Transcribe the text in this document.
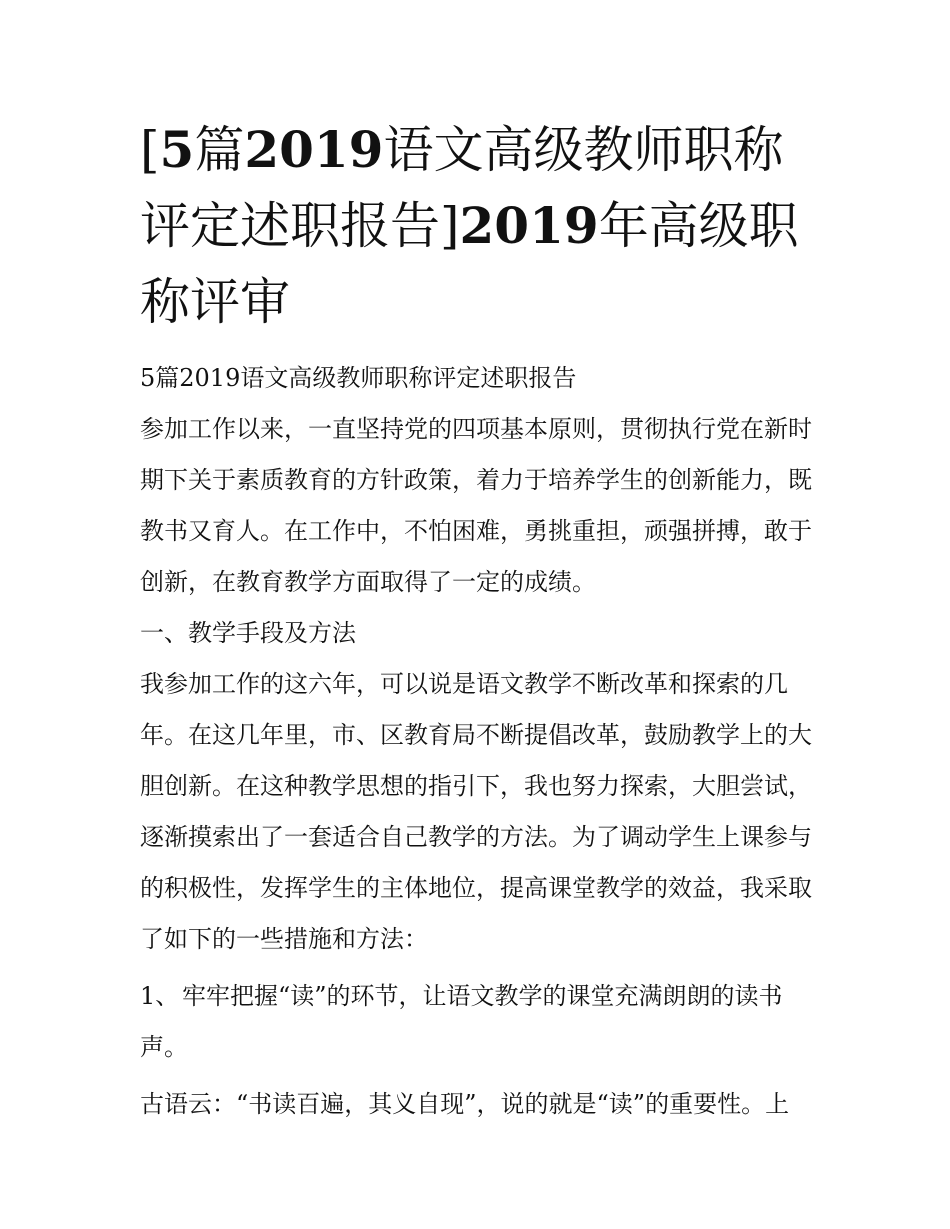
[5篇2019语文高级教师职称评定述职报告]2019年高级职称评审

5篇2019语文高级教师职称评定述职报告

参加工作以来，一直坚持党的四项基本原则，贯彻执行党在新时期下关于素质教育的方针政策，着力于培养学生的创新能力，既教书又育人。在工作中，不怕困难，勇挑重担，顽强拼搏，敢于创新，在教育教学方面取得了一定的成绩。

一、教学手段及方法

我参加工作的这六年，可以说是语文教学不断改革和探索的几年。在这几年里，市、区教育局不断提倡改革，鼓励教学上的大胆创新。在这种教学思想的指引下，我也努力探索，大胆尝试，逐渐摸索出了一套适合自己教学的方法。为了调动学生上课参与的积极性，发挥学生的主体地位，提高课堂教学的效益，我采取了如下的一些措施和方法：

1、 牢牢把握“读”的环节，让语文教学的课堂充满朗朗的读书声。

古语云：“书读百遍，其义自现”，说的就是“读”的重要性。上
